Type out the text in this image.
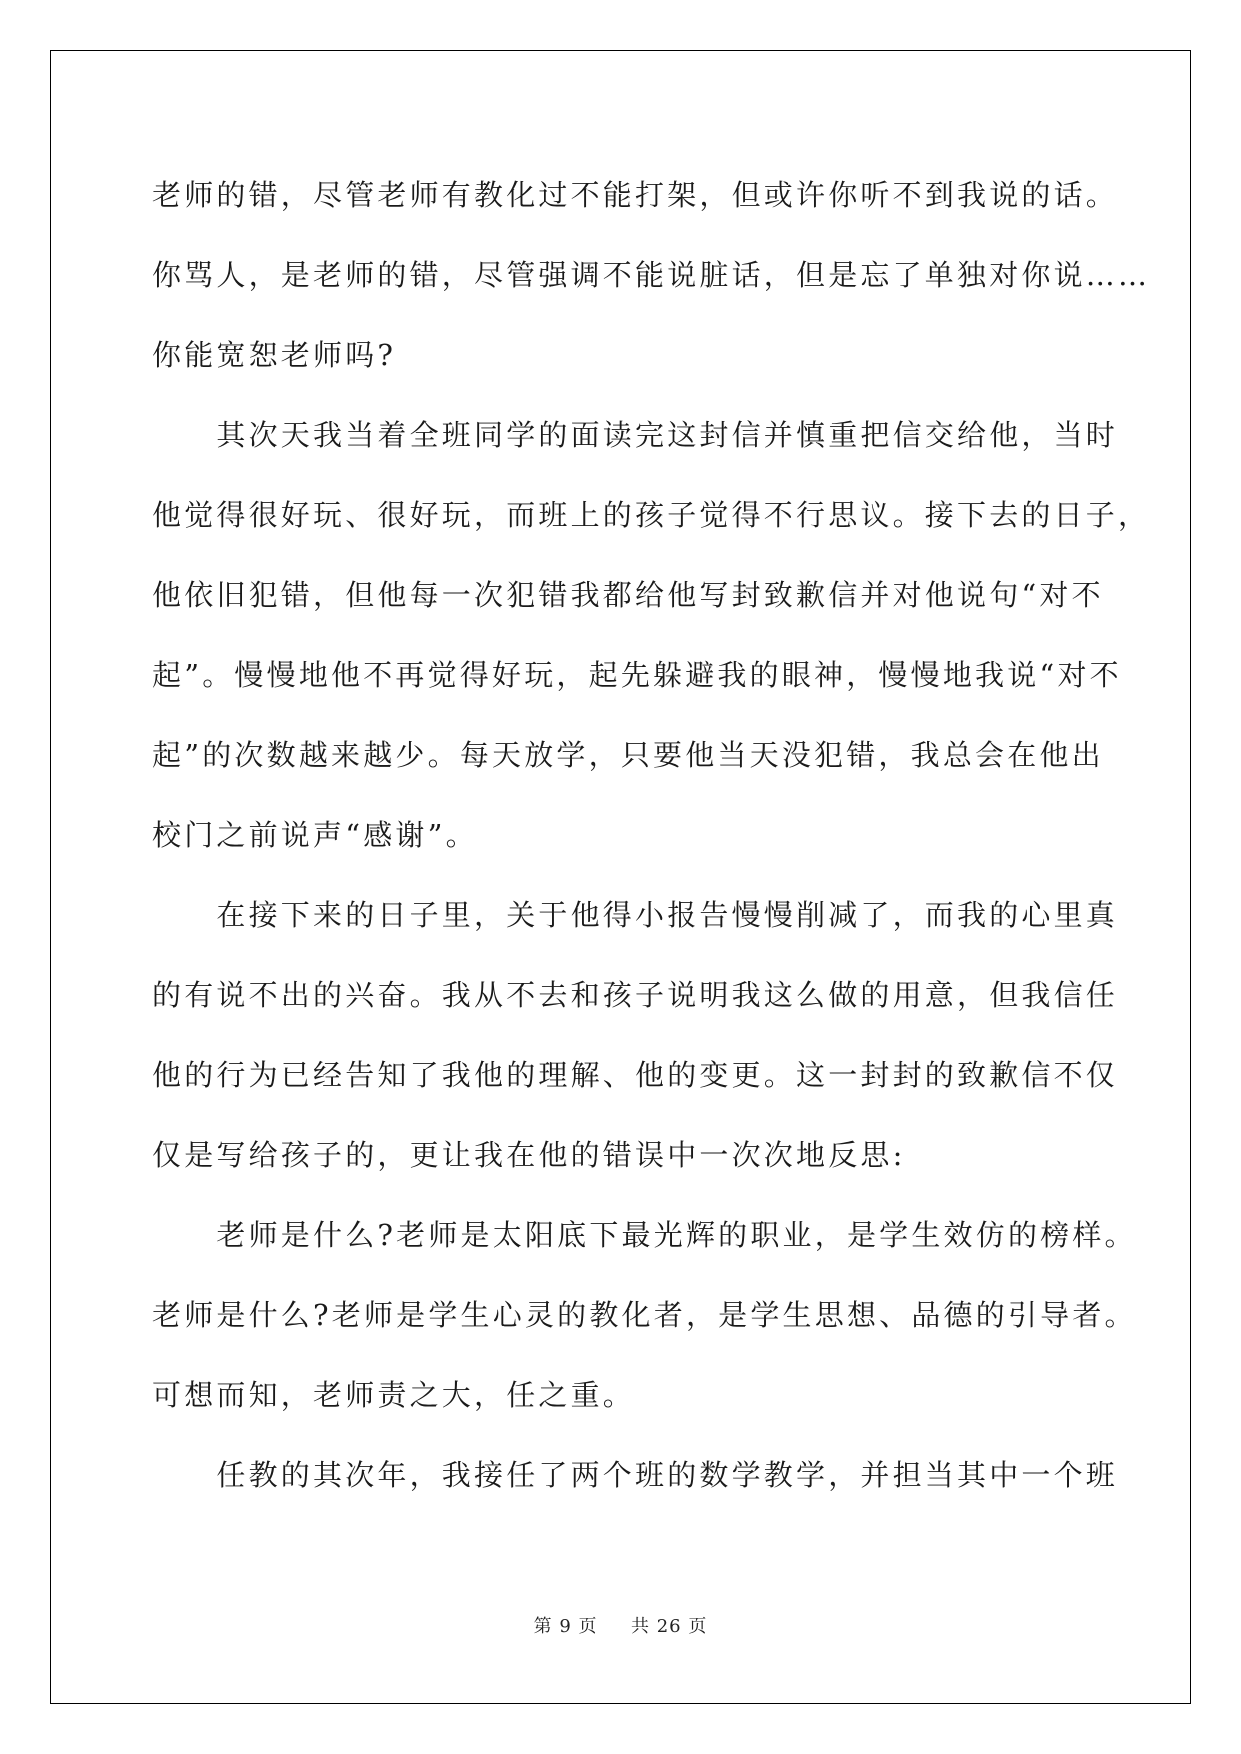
老师的错，尽管老师有教化过不能打架，但或许你听不到我说的话。
你骂人，是老师的错，尽管强调不能说脏话，但是忘了单独对你说……
你能宽恕老师吗?
　　其次天我当着全班同学的面读完这封信并慎重把信交给他，当时
他觉得很好玩、很好玩，而班上的孩子觉得不行思议。接下去的日子，
他依旧犯错，但他每一次犯错我都给他写封致歉信并对他说句“对不
起”。慢慢地他不再觉得好玩，起先躲避我的眼神，慢慢地我说“对不
起”的次数越来越少。每天放学，只要他当天没犯错，我总会在他出
校门之前说声“感谢”。
　　在接下来的日子里，关于他得小报告慢慢削减了，而我的心里真
的有说不出的兴奋。我从不去和孩子说明我这么做的用意，但我信任
他的行为已经告知了我他的理解、他的变更。这一封封的致歉信不仅
仅是写给孩子的，更让我在他的错误中一次次地反思:
　　老师是什么?老师是太阳底下最光辉的职业，是学生效仿的榜样。
老师是什么?老师是学生心灵的教化者，是学生思想、品德的引导者。
可想而知，老师责之大，任之重。
　　任教的其次年，我接任了两个班的数学教学，并担当其中一个班
第 9 页 共 26 页
